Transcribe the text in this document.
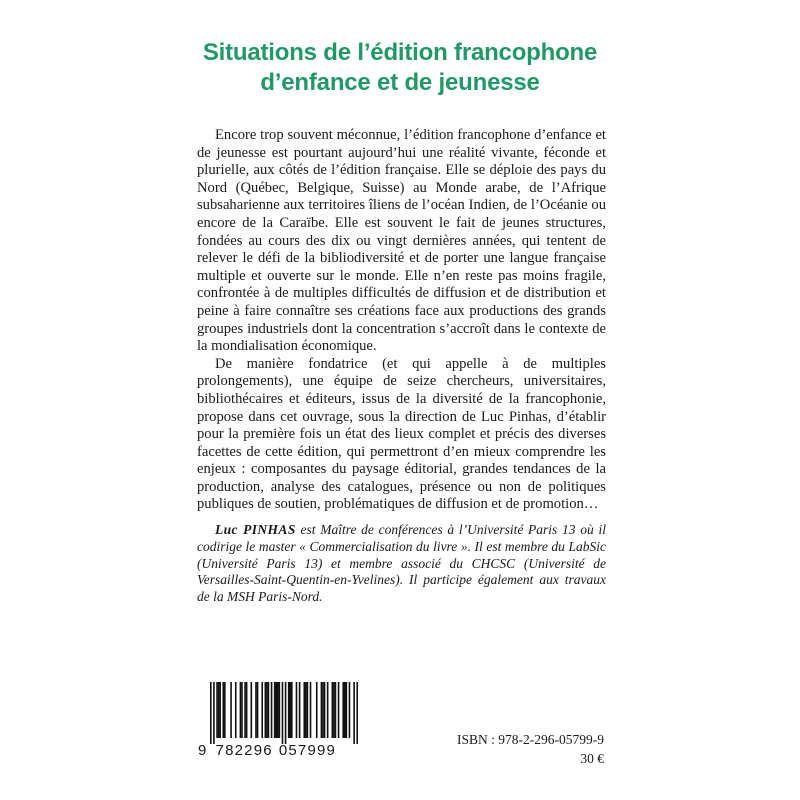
Situations de l’édition francophone
d’enfance et de jeunesse

Encore trop souvent méconnue, l’édition francophone d’enfance et de jeunesse est pourtant aujourd’hui une réalité vivante, féconde et plurielle, aux côtés de l’édition française. Elle se déploie des pays du Nord (Québec, Belgique, Suisse) au Monde arabe, de l’Afrique subsaharienne aux territoires îliens de l’océan Indien, de l’Océanie ou encore de la Caraïbe. Elle est souvent le fait de jeunes structures, fondées au cours des dix ou vingt dernières années, qui tentent de relever le défi de la bibliodiversité et de porter une langue française multiple et ouverte sur le monde. Elle n’en reste pas moins fragile, confrontée à de multiples difficultés de diffusion et de distribution et peine à faire connaître ses créations face aux productions des grands groupes industriels dont la concentration s’accroît dans le contexte de la mondialisation économique.

De manière fondatrice (et qui appelle à de multiples prolongements), une équipe de seize chercheurs, universitaires, bibliothécaires et éditeurs, issus de la diversité de la francophonie, propose dans cet ouvrage, sous la direction de Luc Pinhas, d’établir pour la première fois un état des lieux complet et précis des diverses facettes de cette édition, qui permettront d’en mieux comprendre les enjeux : composantes du paysage éditorial, grandes tendances de la production, analyse des catalogues, présence ou non de politiques publiques de soutien, problématiques de diffusion et de promotion…

Luc PINHAS est Maître de conférences à l’Université Paris 13 où il codirige le master « Commercialisation du livre ». Il est membre du LabSic (Université Paris 13) et membre associé du CHCSC (Université de Versailles-Saint-Quentin-en-Yvelines). Il participe également aux travaux de la MSH Paris-Nord.
9 782296 057999
ISBN : 978-2-296-05799-9
30 €
